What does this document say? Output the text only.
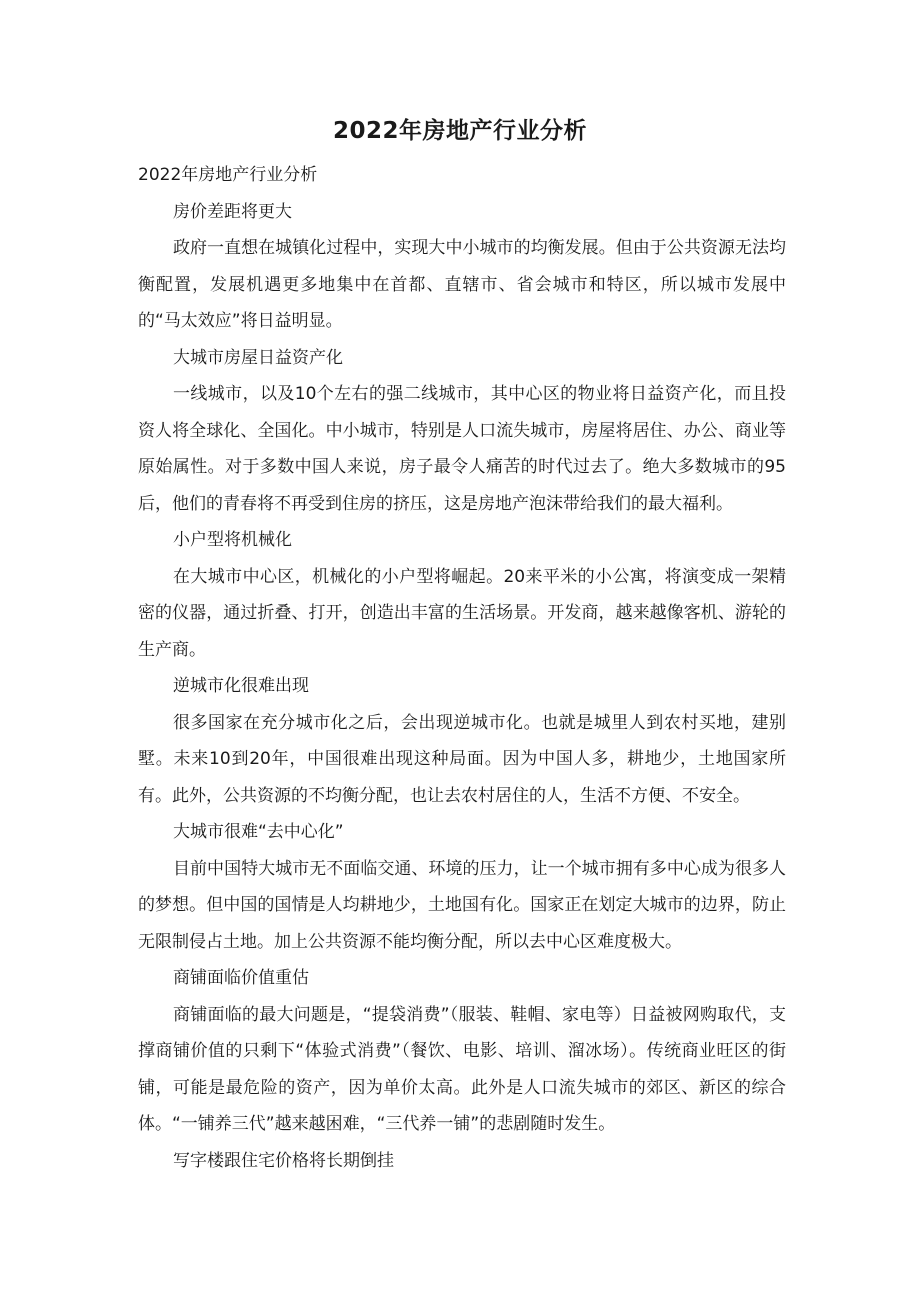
2022年房地产行业分析

2022年房地产行业分析

房价差距将更大

政府一直想在城镇化过程中，实现大中小城市的均衡发展。但由于公共资源无法均衡配置，发展机遇更多地集中在首都、直辖市、省会城市和特区，所以城市发展中的“马太效应”将日益明显。

大城市房屋日益资产化

一线城市，以及10个左右的强二线城市，其中心区的物业将日益资产化，而且投资人将全球化、全国化。中小城市，特别是人口流失城市，房屋将居住、办公、商业等原始属性。对于多数中国人来说，房子最令人痛苦的时代过去了。绝大多数城市的95后，他们的青春将不再受到住房的挤压，这是房地产泡沫带给我们的最大福利。

小户型将机械化

在大城市中心区，机械化的小户型将崛起。20来平米的小公寓，将演变成一架精密的仪器，通过折叠、打开，创造出丰富的生活场景。开发商，越来越像客机、游轮的生产商。

逆城市化很难出现

很多国家在充分城市化之后，会出现逆城市化。也就是城里人到农村买地，建别墅。未来10到20年，中国很难出现这种局面。因为中国人多，耕地少，土地国家所有。此外，公共资源的不均衡分配，也让去农村居住的人，生活不方便、不安全。

大城市很难“去中心化”

目前中国特大城市无不面临交通、环境的压力，让一个城市拥有多中心成为很多人的梦想。但中国的国情是人均耕地少，土地国有化。国家正在划定大城市的边界，防止无限制侵占土地。加上公共资源不能均衡分配，所以去中心区难度极大。

商铺面临价值重估

商铺面临的最大问题是，“提袋消费”（服装、鞋帽、家电等）日益被网购取代，支撑商铺价值的只剩下“体验式消费”（餐饮、电影、培训、溜冰场）。传统商业旺区的街铺，可能是最危险的资产，因为单价太高。此外是人口流失城市的郊区、新区的综合体。“一铺养三代”越来越困难，“三代养一铺”的悲剧随时发生。

写字楼跟住宅价格将长期倒挂
